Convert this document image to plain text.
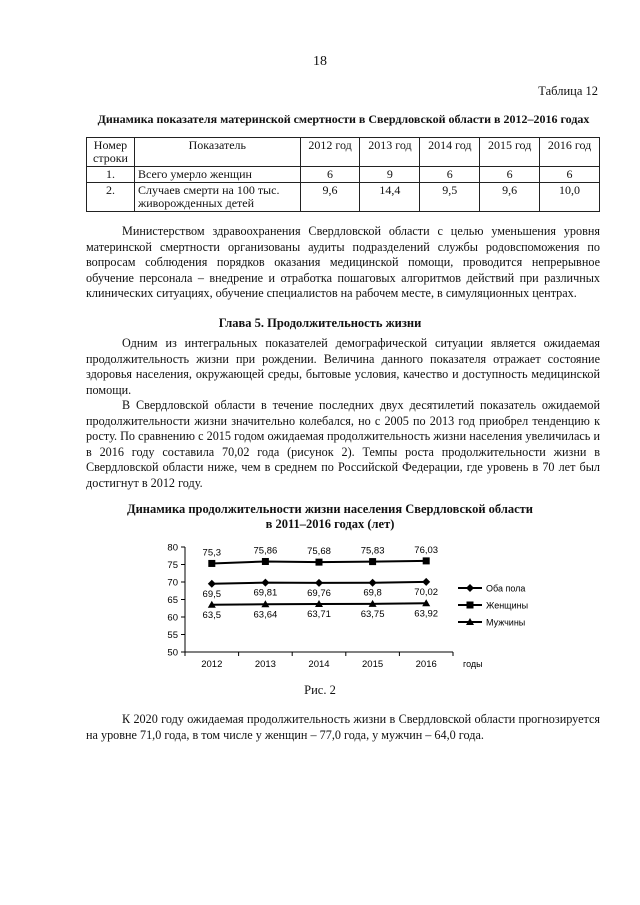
18
Таблица 12
Динамика показателя материнской смертности в Свердловской области в 2012–2016 годах
Номер строки	Показатель	2012 год	2013 год	2014 год	2015 год	2016 год
1.	Всего умерло женщин	6	9	6	6	6
2.	Случаев смерти на 100 тыс. живорожденных детей	9,6	14,4	9,5	9,6	10,0
Министерством здравоохранения Свердловской области с целью уменьшения уровня материнской смертности организованы аудиты подразделений службы родовспоможения по вопросам соблюдения порядков оказания медицинской помощи, проводится непрерывное обучение персонала – внедрение и отработка пошаговых алгоритмов действий при различных клинических ситуациях, обучение специалистов на рабочем месте, в симуляционных центрах.
Глава 5. Продолжительность жизни
Одним из интегральных показателей демографической ситуации является ожидаемая продолжительность жизни при рождении. Величина данного показателя отражает состояние здоровья населения, окружающей среды, бытовые условия, качество и доступность медицинской помощи.
В Свердловской области в течение последних двух десятилетий показатель ожидаемой продолжительности жизни значительно колебался, но с 2005 по 2013 год приобрел тенденцию к росту. По сравнению с 2015 годом ожидаемая продолжительность жизни населения увеличилась и в 2016 году составила 70,02 года (рисунок 2). Темпы роста продолжительности жизни в Свердловской области ниже, чем в среднем по Российской Федерации, где уровень в 70 лет был достигнут в 2012 году.
Динамика продолжительности жизни населения Свердловской области
в 2011–2016 годах (лет)
50
55
60
65
70
75
80
2012	2013	2014	2015	2016	годы
69,5	69,81	69,76	69,8	70,02	Оба пола
75,3	75,86	75,68	75,83	76,03
Женщины
63,5	63,64	63,71	63,75	63,92
Мужчины
Рис. 2
К 2020 году ожидаемая продолжительность жизни в Свердловской области прогнозируется на уровне 71,0 года, в том числе у женщин – 77,0 года, у мужчин – 64,0 года.
